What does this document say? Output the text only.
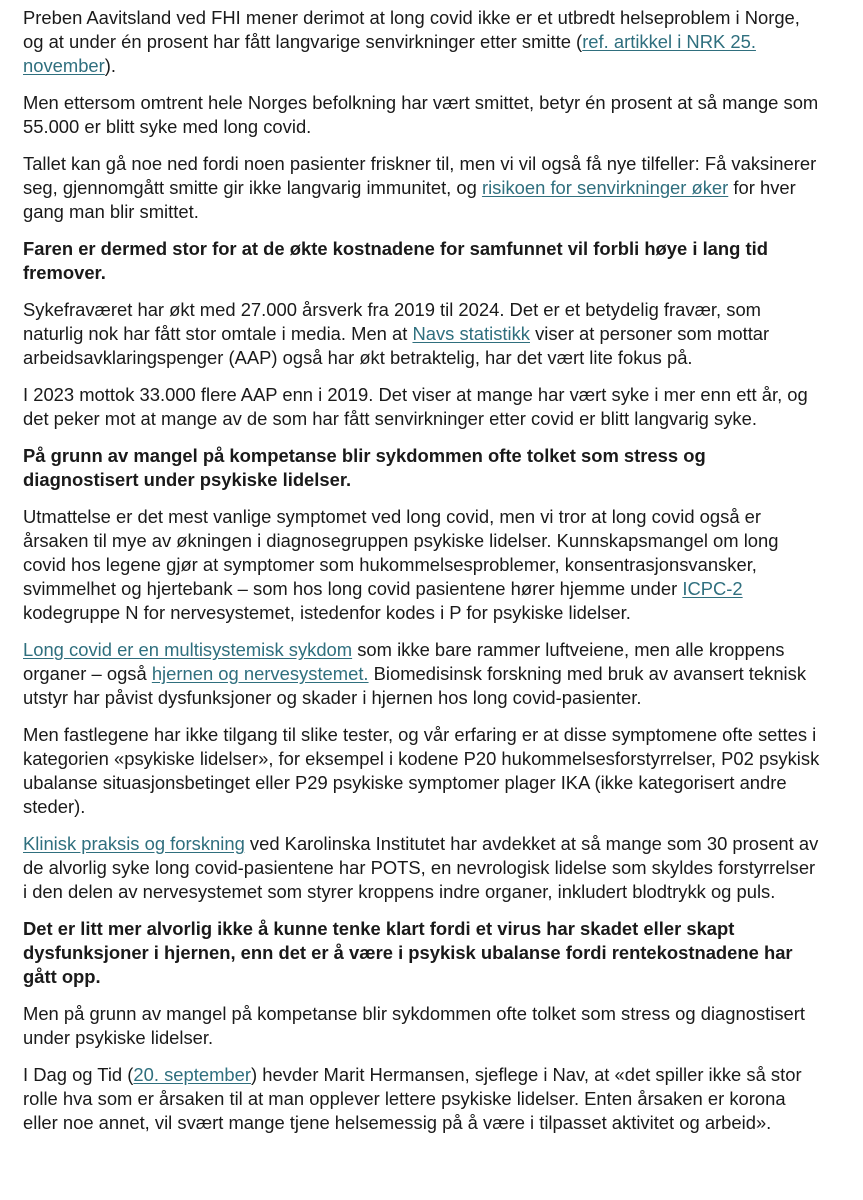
Preben Aavitsland ved FHI mener derimot at long covid ikke er et utbredt helseproblem i Norge, og at under én prosent har fått langvarige senvirkninger etter smitte (ref. artikkel i NRK 25. november).

Men ettersom omtrent hele Norges befolkning har vært smittet, betyr én prosent at så mange som 55.000 er blitt syke med long covid.

Tallet kan gå noe ned fordi noen pasienter friskner til, men vi vil også få nye tilfeller: Få vaksinerer seg, gjennomgått smitte gir ikke langvarig immunitet, og risikoen for senvirkninger øker for hver gang man blir smittet.

Faren er dermed stor for at de økte kostnadene for samfunnet vil forbli høye i lang tid fremover.

Sykefraværet har økt med 27.000 årsverk fra 2019 til 2024. Det er et betydelig fravær, som naturlig nok har fått stor omtale i media. Men at Navs statistikk viser at personer som mottar arbeidsavklaringspenger (AAP) også har økt betraktelig, har det vært lite fokus på.

I 2023 mottok 33.000 flere AAP enn i 2019. Det viser at mange har vært syke i mer enn ett år, og det peker mot at mange av de som har fått senvirkninger etter covid er blitt langvarig syke.

På grunn av mangel på kompetanse blir sykdommen ofte tolket som stress og diagnostisert under psykiske lidelser.

Utmattelse er det mest vanlige symptomet ved long covid, men vi tror at long covid også er årsaken til mye av økningen i diagnosegruppen psykiske lidelser. Kunnskapsmangel om long covid hos legene gjør at symptomer som hukommelsesproblemer, konsentrasjonsvansker, svimmelhet og hjertebank – som hos long covid pasientene hører hjemme under ICPC-2 kodegruppe N for nervesystemet, istedenfor kodes i P for psykiske lidelser.

Long covid er en multisystemisk sykdom som ikke bare rammer luftveiene, men alle kroppens organer – også hjernen og nervesystemet. Biomedisinsk forskning med bruk av avansert teknisk utstyr har påvist dysfunksjoner og skader i hjernen hos long covid-pasienter.

Men fastlegene har ikke tilgang til slike tester, og vår erfaring er at disse symptomene ofte settes i kategorien «psykiske lidelser», for eksempel i kodene P20 hukommelsesforstyrrelser, P02 psykisk ubalanse situasjonsbetinget eller P29 psykiske symptomer plager IKA (ikke kategorisert andre steder).

Klinisk praksis og forskning ved Karolinska Institutet har avdekket at så mange som 30 prosent av de alvorlig syke long covid-pasientene har POTS, en nevrologisk lidelse som skyldes forstyrrelser i den delen av nervesystemet som styrer kroppens indre organer, inkludert blodtrykk og puls.

Det er litt mer alvorlig ikke å kunne tenke klart fordi et virus har skadet eller skapt dysfunksjoner i hjernen, enn det er å være i psykisk ubalanse fordi rentekostnadene har gått opp.

Men på grunn av mangel på kompetanse blir sykdommen ofte tolket som stress og diagnostisert under psykiske lidelser.

I Dag og Tid (20. september) hevder Marit Hermansen, sjeflege i Nav, at «det spiller ikke så stor rolle hva som er årsaken til at man opplever lettere psykiske lidelser. Enten årsaken er korona eller noe annet, vil svært mange tjene helsemessig på å være i tilpasset aktivitet og arbeid».
